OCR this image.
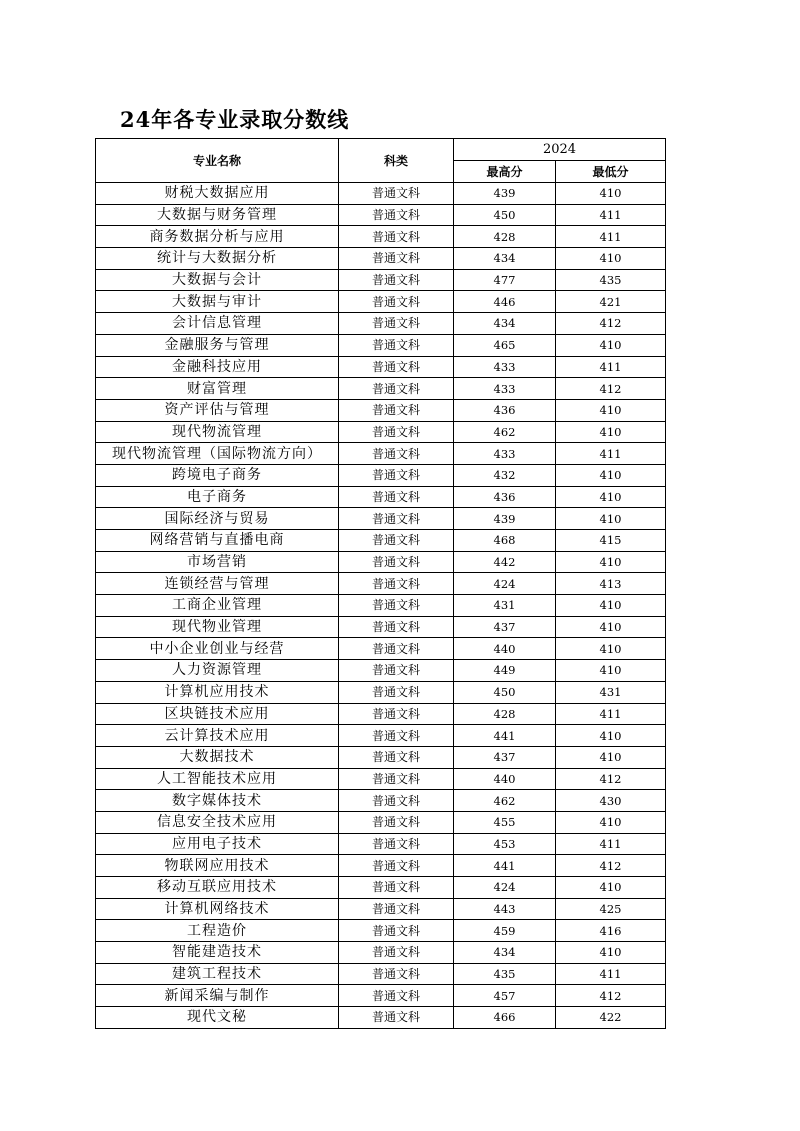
24年各专业录取分数线
专业名称	科类	2024	
		最高分	最低分
财税大数据应用	普通文科	439	410
大数据与财务管理	普通文科	450	411
商务数据分析与应用	普通文科	428	411
统计与大数据分析	普通文科	434	410
大数据与会计	普通文科	477	435
大数据与审计	普通文科	446	421
会计信息管理	普通文科	434	412
金融服务与管理	普通文科	465	410
金融科技应用	普通文科	433	411
财富管理	普通文科	433	412
资产评估与管理	普通文科	436	410
现代物流管理	普通文科	462	410
现代物流管理（国际物流方向）	普通文科	433	411
跨境电子商务	普通文科	432	410
电子商务	普通文科	436	410
国际经济与贸易	普通文科	439	410
网络营销与直播电商	普通文科	468	415
市场营销	普通文科	442	410
连锁经营与管理	普通文科	424	413
工商企业管理	普通文科	431	410
现代物业管理	普通文科	437	410
中小企业创业与经营	普通文科	440	410
人力资源管理	普通文科	449	410
计算机应用技术	普通文科	450	431
区块链技术应用	普通文科	428	411
云计算技术应用	普通文科	441	410
大数据技术	普通文科	437	410
人工智能技术应用	普通文科	440	412
数字媒体技术	普通文科	462	430
信息安全技术应用	普通文科	455	410
应用电子技术	普通文科	453	411
物联网应用技术	普通文科	441	412
移动互联应用技术	普通文科	424	410
计算机网络技术	普通文科	443	425
工程造价	普通文科	459	416
智能建造技术	普通文科	434	410
建筑工程技术	普通文科	435	411
新闻采编与制作	普通文科	457	412
现代文秘	普通文科	466	422
